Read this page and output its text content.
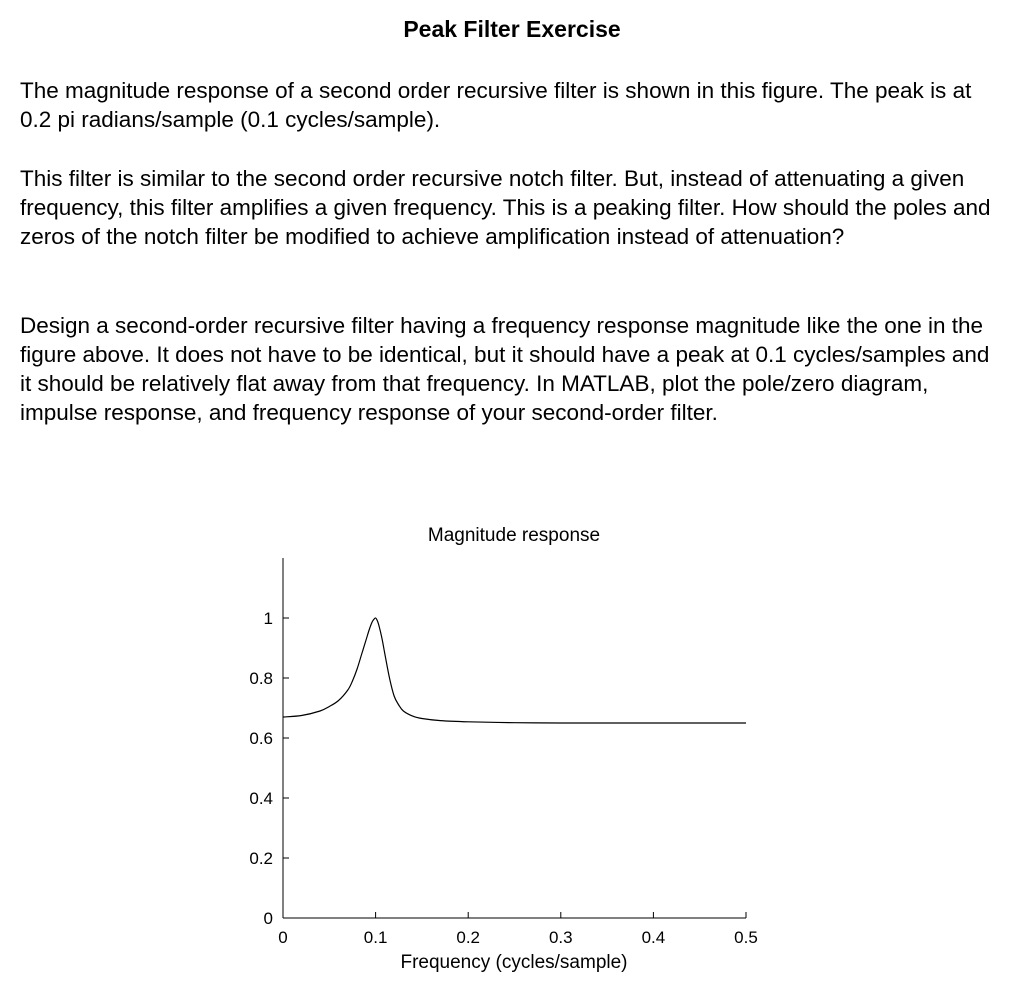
Peak Filter Exercise

The magnitude response of a second order recursive filter is shown in this figure. The peak is at 0.2 pi radians/sample (0.1 cycles/sample).

This filter is similar to the second order recursive notch filter. But, instead of attenuating a given frequency, this filter amplifies a given frequency. This is a peaking filter. How should the poles and zeros of the notch filter be modified to achieve amplification instead of attenuation?

Design a second-order recursive filter having a frequency response magnitude like the one in the figure above. It does not have to be identical, but it should have a peak at 0.1 cycles/samples and it should be relatively flat away from that frequency. In MATLAB, plot the pole/zero diagram, impulse response, and frequency response of your second-order filter.

Magnitude response
0
0.2
0.4
0.6
0.8
1
0	0.1	0.2	0.3	0.4	0.5
Frequency (cycles/sample)
